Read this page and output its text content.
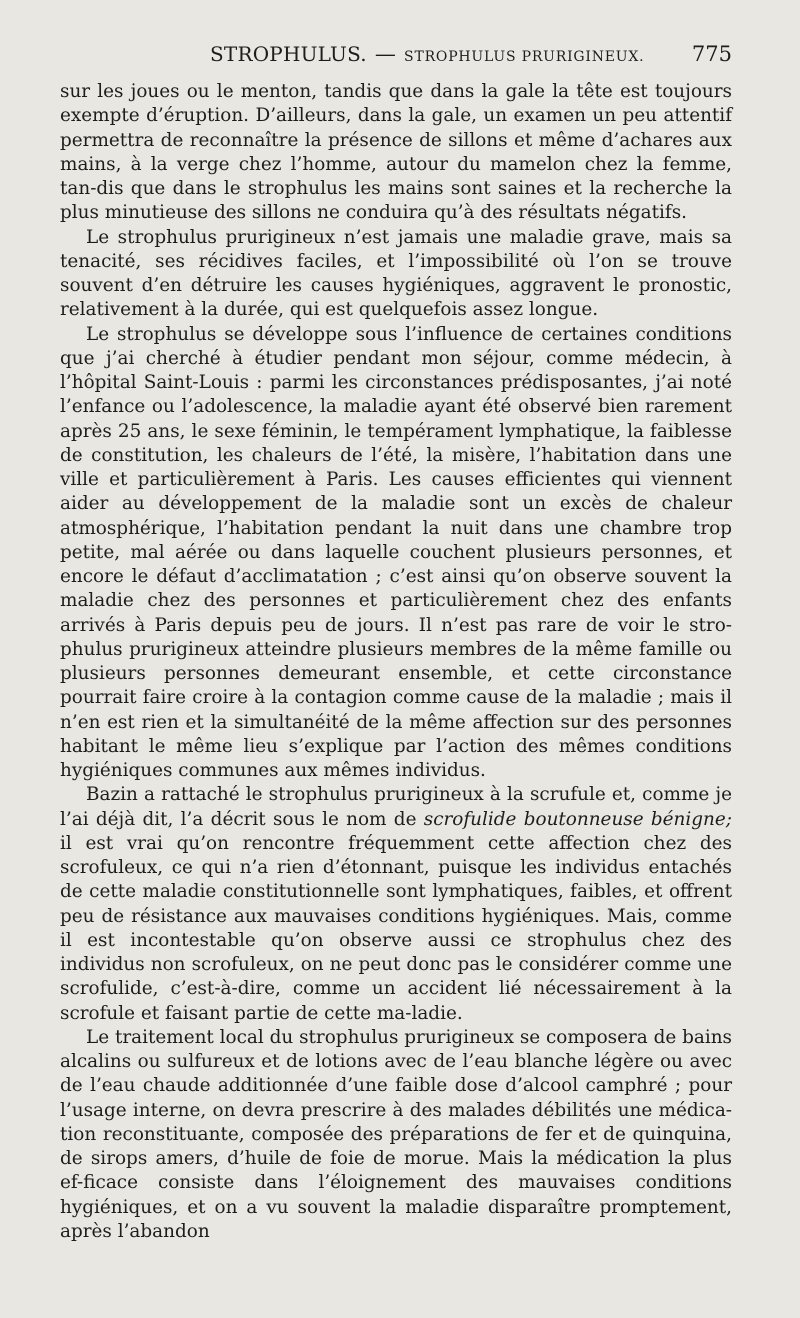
STROPHULUS. — STROPHULUS PRURIGINEUX. 775

sur les joues ou le menton, tandis que dans la gale la tête est toujours exempte d’éruption. D’ailleurs, dans la gale, un examen un peu attentif permettra de reconnaître la présence de sillons et même d’achares aux mains, à la verge chez l’homme, autour du mamelon chez la femme, tan-dis que dans le strophulus les mains sont saines et la recherche la plus minutieuse des sillons ne conduira qu’à des résultats négatifs.

Le strophulus prurigineux n’est jamais une maladie grave, mais sa tenacité, ses récidives faciles, et l’impossibilité où l’on se trouve souvent d’en détruire les causes hygiéniques, aggravent le pronostic, relativement à la durée, qui est quelquefois assez longue.

Le strophulus se développe sous l’influence de certaines conditions que j’ai cherché à étudier pendant mon séjour, comme médecin, à l’hôpital Saint-Louis : parmi les circonstances prédisposantes, j’ai noté l’enfance ou l’adolescence, la maladie ayant été observé bien rarement après 25 ans, le sexe féminin, le tempérament lymphatique, la faiblesse de constitution, les chaleurs de l’été, la misère, l’habitation dans une ville et particulièrement à Paris. Les causes efficientes qui viennent aider au développement de la maladie sont un excès de chaleur atmosphérique, l’habitation pendant la nuit dans une chambre trop petite, mal aérée ou dans laquelle couchent plusieurs personnes, et encore le défaut d’acclimatation ; c’est ainsi qu’on observe souvent la maladie chez des personnes et particulièrement chez des enfants arrivés à Paris depuis peu de jours. Il n’est pas rare de voir le stro-phulus prurigineux atteindre plusieurs membres de la même famille ou plusieurs personnes demeurant ensemble, et cette circonstance pourrait faire croire à la contagion comme cause de la maladie ; mais il n’en est rien et la simultanéité de la même affection sur des personnes habitant le même lieu s’explique par l’action des mêmes conditions hygiéniques communes aux mêmes individus.

Bazin a rattaché le strophulus prurigineux à la scrufule et, comme je l’ai déjà dit, l’a décrit sous le nom de scrofulide boutonneuse bénigne; il est vrai qu’on rencontre fréquemment cette affection chez des scrofuleux, ce qui n’a rien d’étonnant, puisque les individus entachés de cette maladie constitutionnelle sont lymphatiques, faibles, et offrent peu de résistance aux mauvaises conditions hygiéniques. Mais, comme il est incontestable qu’on observe aussi ce strophulus chez des individus non scrofuleux, on ne peut donc pas le considérer comme une scrofulide, c’est-à-dire, comme un accident lié nécessairement à la scrofule et faisant partie de cette ma-ladie.

Le traitement local du strophulus prurigineux se composera de bains alcalins ou sulfureux et de lotions avec de l’eau blanche légère ou avec de l’eau chaude additionnée d’une faible dose d’alcool camphré ; pour l’usage interne, on devra prescrire à des malades débilités une médica-tion reconstituante, composée des préparations de fer et de quinquina, de sirops amers, d’huile de foie de morue. Mais la médication la plus ef-ficace consiste dans l’éloignement des mauvaises conditions hygiéniques, et on a vu souvent la maladie disparaître promptement, après l’abandon
